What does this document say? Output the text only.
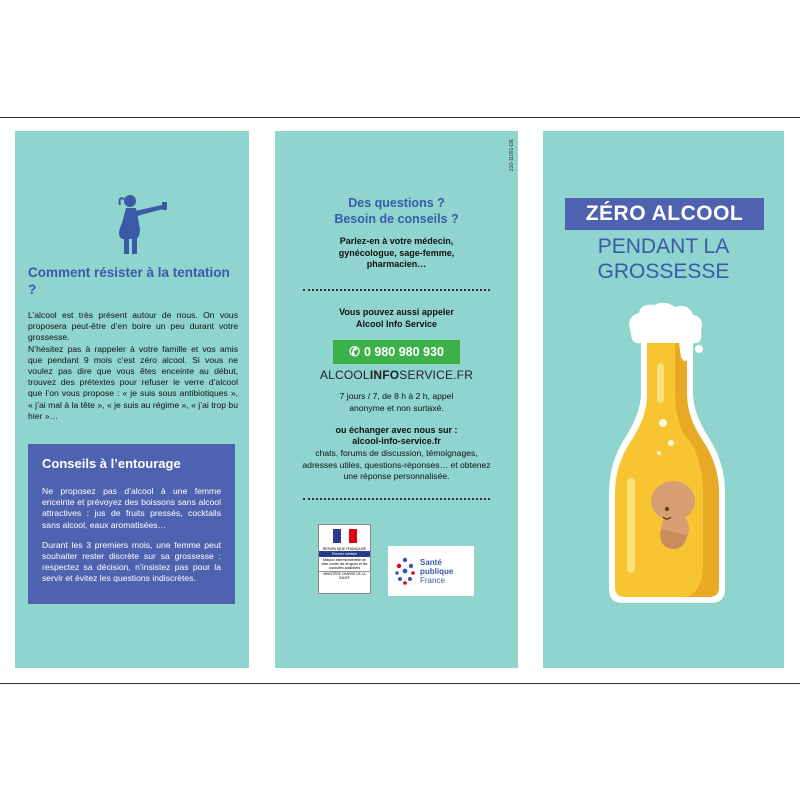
Comment résister à la tentation ?

L’alcool est très présent autour de nous. On vous proposera peut-être d’en boire un peu durant votre grossesse.

N’hésitez pas à rappeler à votre famille et vos amis que pendant 9 mois c’est zéro alcool. Si vous ne voulez pas dire que vous êtes enceinte au début, trouvez des prétextes pour refuser le verre d’alcool que l’on vous propose : « je suis sous antibiotiques », « j’ai mal à la tête », « je suis au régime », « j’ai trop bu hier »…

Conseils à l’entourage

Ne proposez pas d’alcool à une femme enceinte et prévoyez des boissons sans alcool attractives : jus de fruits pressés, cocktails sans alcool, eaux aromatisées…

Durant les 3 premiers mois, une femme peut souhaiter rester discrète sur sa grossesse : respectez sa décision, n’insistez pas pour la servir et évitez les questions indiscrètes.

210-11091-DE
Des questions ?
Besoin de conseils ?
Parlez-en à votre médecin, gynécologue, sage-femme, pharmacien…
Vous pouvez aussi appeler Alcool Info Service
✆ 0 980 980 930
ALCOOLINFOSERVICE.FR
7 jours / 7, de 8 h à 2 h, appel anonyme et non surtaxé.
ou échanger avec nous sur :
alcool-info-service.fr
chats, forums de discussion, témoignages, adresses utiles, questions-réponses… et obtenez une réponse personnalisée.
RÉPUBLIQUE FRANÇAISE
Premier ministre
Mission interministérielle de lutte contre les drogues et les conduites addictives
MINISTÈRE CHARGÉ DE LA SANTÉ
Santé
publique
France
ZÉRO ALCOOL
PENDANT LA
GROSSESSE
